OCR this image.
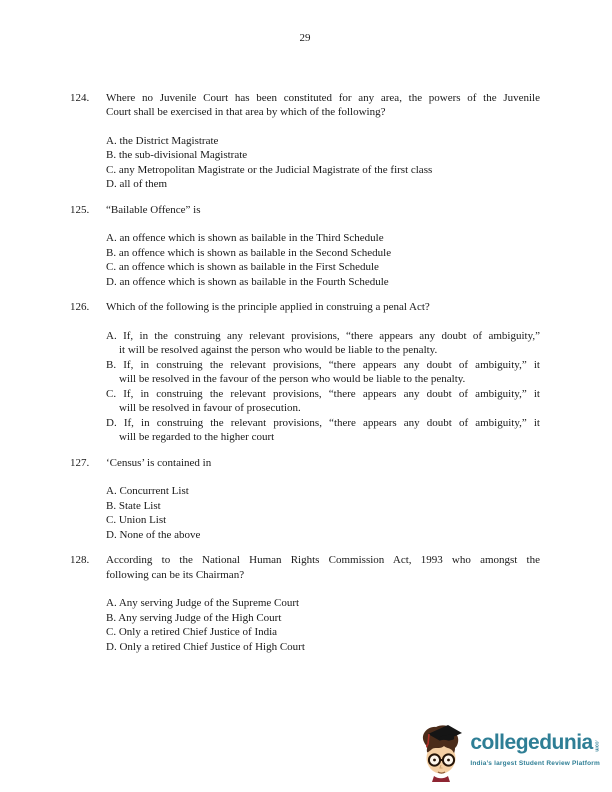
29
124.	Where no Juvenile Court has been constituted for any area, the powers of the Juvenile
Court shall be exercised in that area by which of the following?
A. the District Magistrate
B. the sub-divisional Magistrate
C. any Metropolitan Magistrate or the Judicial Magistrate of the first class
D. all of them
125.	“Bailable Offence” is
A. an offence which is shown as bailable in the Third Schedule
B. an offence which is shown as bailable in the Second Schedule
C. an offence which is shown as bailable in the First Schedule
D. an offence which is shown as bailable in the Fourth Schedule
126.	Which of the following is the principle applied in construing a penal Act?
A. If, in the construing any relevant provisions, “there appears any doubt of ambiguity,”
it will be resolved against the person who would be liable to the penalty.
B. If, in construing the relevant provisions, “there appears any doubt of ambiguity,” it
will be resolved in the favour of the person who would be liable to the penalty.
C. If, in construing the relevant provisions, “there appears any doubt of ambiguity,” it
will be resolved in favour of prosecution.
D. If, in construing the relevant provisions, “there appears any doubt of ambiguity,” it
will be regarded to the higher court
127.	‘Census’ is contained in
A. Concurrent List
B. State List
C. Union List
D. None of the above
128.	According to the National Human Rights Commission Act, 1993 who amongst the
following can be its Chairman?
A. Any serving Judge of the Supreme Court
B. Any serving Judge of the High Court
C. Only a retired Chief Justice of India
D. Only a retired Chief Justice of High Court
collegedunia .com
India’s largest Student Review Platform
